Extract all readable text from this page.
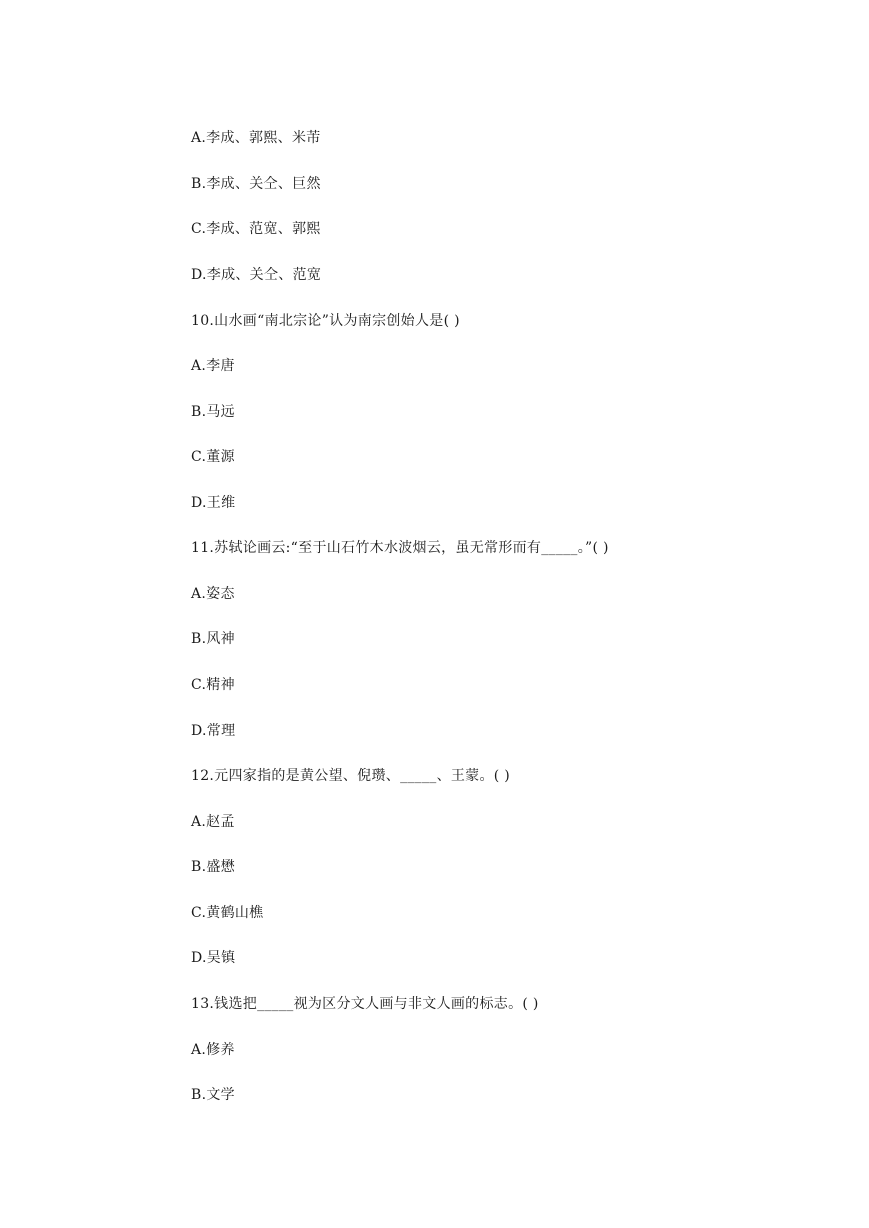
A.李成、郭熙、米芾
B.李成、关仝、巨然
C.李成、范宽、郭熙
D.李成、关仝、范宽
10.山水画“南北宗论”认为南宗创始人是( )
A.李唐
B.马远
C.董源
D.王维
11.苏轼论画云:“至于山石竹木水波烟云，虽无常形而有_____。”( )
A.姿态
B.风神
C.精神
D.常理
12.元四家指的是黄公望、倪瓒、_____、王蒙。( )
A.赵孟
B.盛懋
C.黄鹤山樵
D.吴镇
13.钱选把_____视为区分文人画与非文人画的标志。( )
A.修养
B.文学
